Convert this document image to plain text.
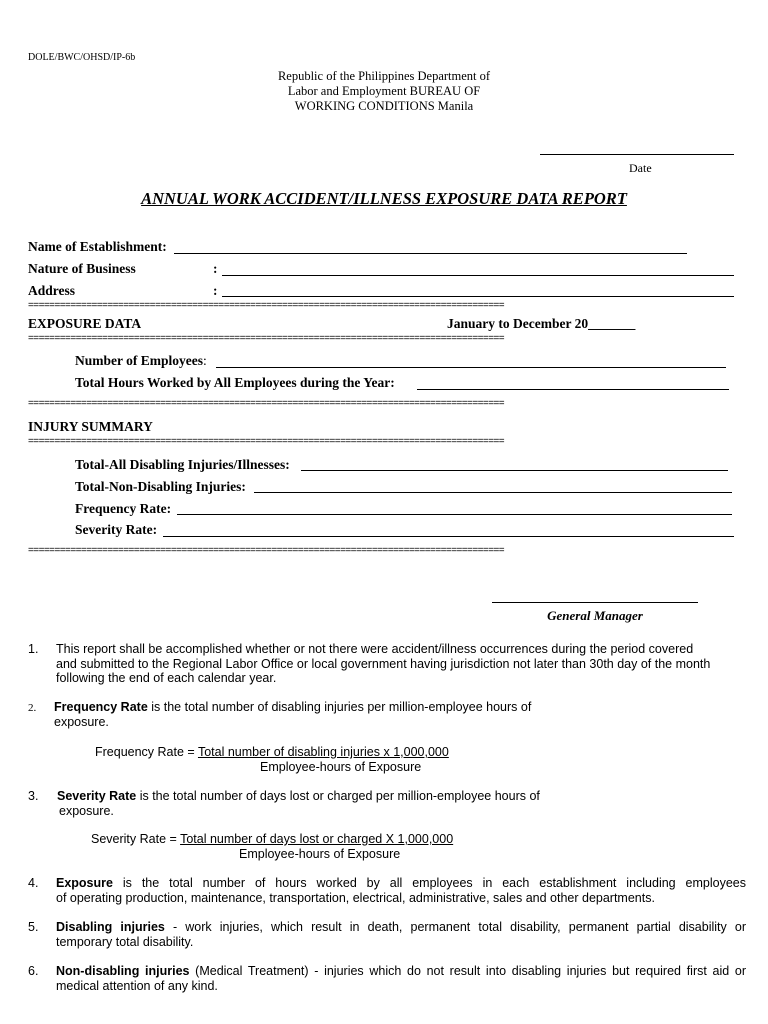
DOLE/BWC/OHSD/IP-6b
Republic of the Philippines Department of
Labor and Employment BUREAU OF
WORKING CONDITIONS Manila
Date
ANNUAL WORK ACCIDENT/ILLNESS EXPOSURE DATA REPORT
Name of Establishment:
Nature of Business	:
Address	:
==========================================================================================
EXPOSURE DATA	January to December 20_______
==========================================================================================
Number of Employees:
Total Hours Worked by All Employees during the Year:
==========================================================================================
INJURY SUMMARY
==========================================================================================
Total-All Disabling Injuries/Illnesses:
Total-Non-Disabling Injuries:
Frequency Rate:
Severity Rate:
==========================================================================================
General Manager
1. This report shall be accomplished whether or not there were accident/illness occurrences during the period covered
and submitted to the Regional Labor Office or local government having jurisdiction not later than 30th day of the month
following the end of each calendar year.
2. Frequency Rate is the total number of disabling injuries per million-employee hours of
exposure.
Frequency Rate = Total number of disabling injuries x 1,000,000
Employee-hours of Exposure
3. Severity Rate is the total number of days lost or charged per million-employee hours of
exposure.
Severity Rate = Total number of days lost or charged X 1,000,000
Employee-hours of Exposure
4. Exposure is the total number of hours worked by all employees in each establishment including employees
of operating production, maintenance, transportation, electrical, administrative, sales and other departments.
5. Disabling injuries - work injuries, which result in death, permanent total disability, permanent partial disability or
temporary total disability.
6. Non-disabling injuries (Medical Treatment) - injuries which do not result into disabling injuries but required first aid or
medical attention of any kind.
